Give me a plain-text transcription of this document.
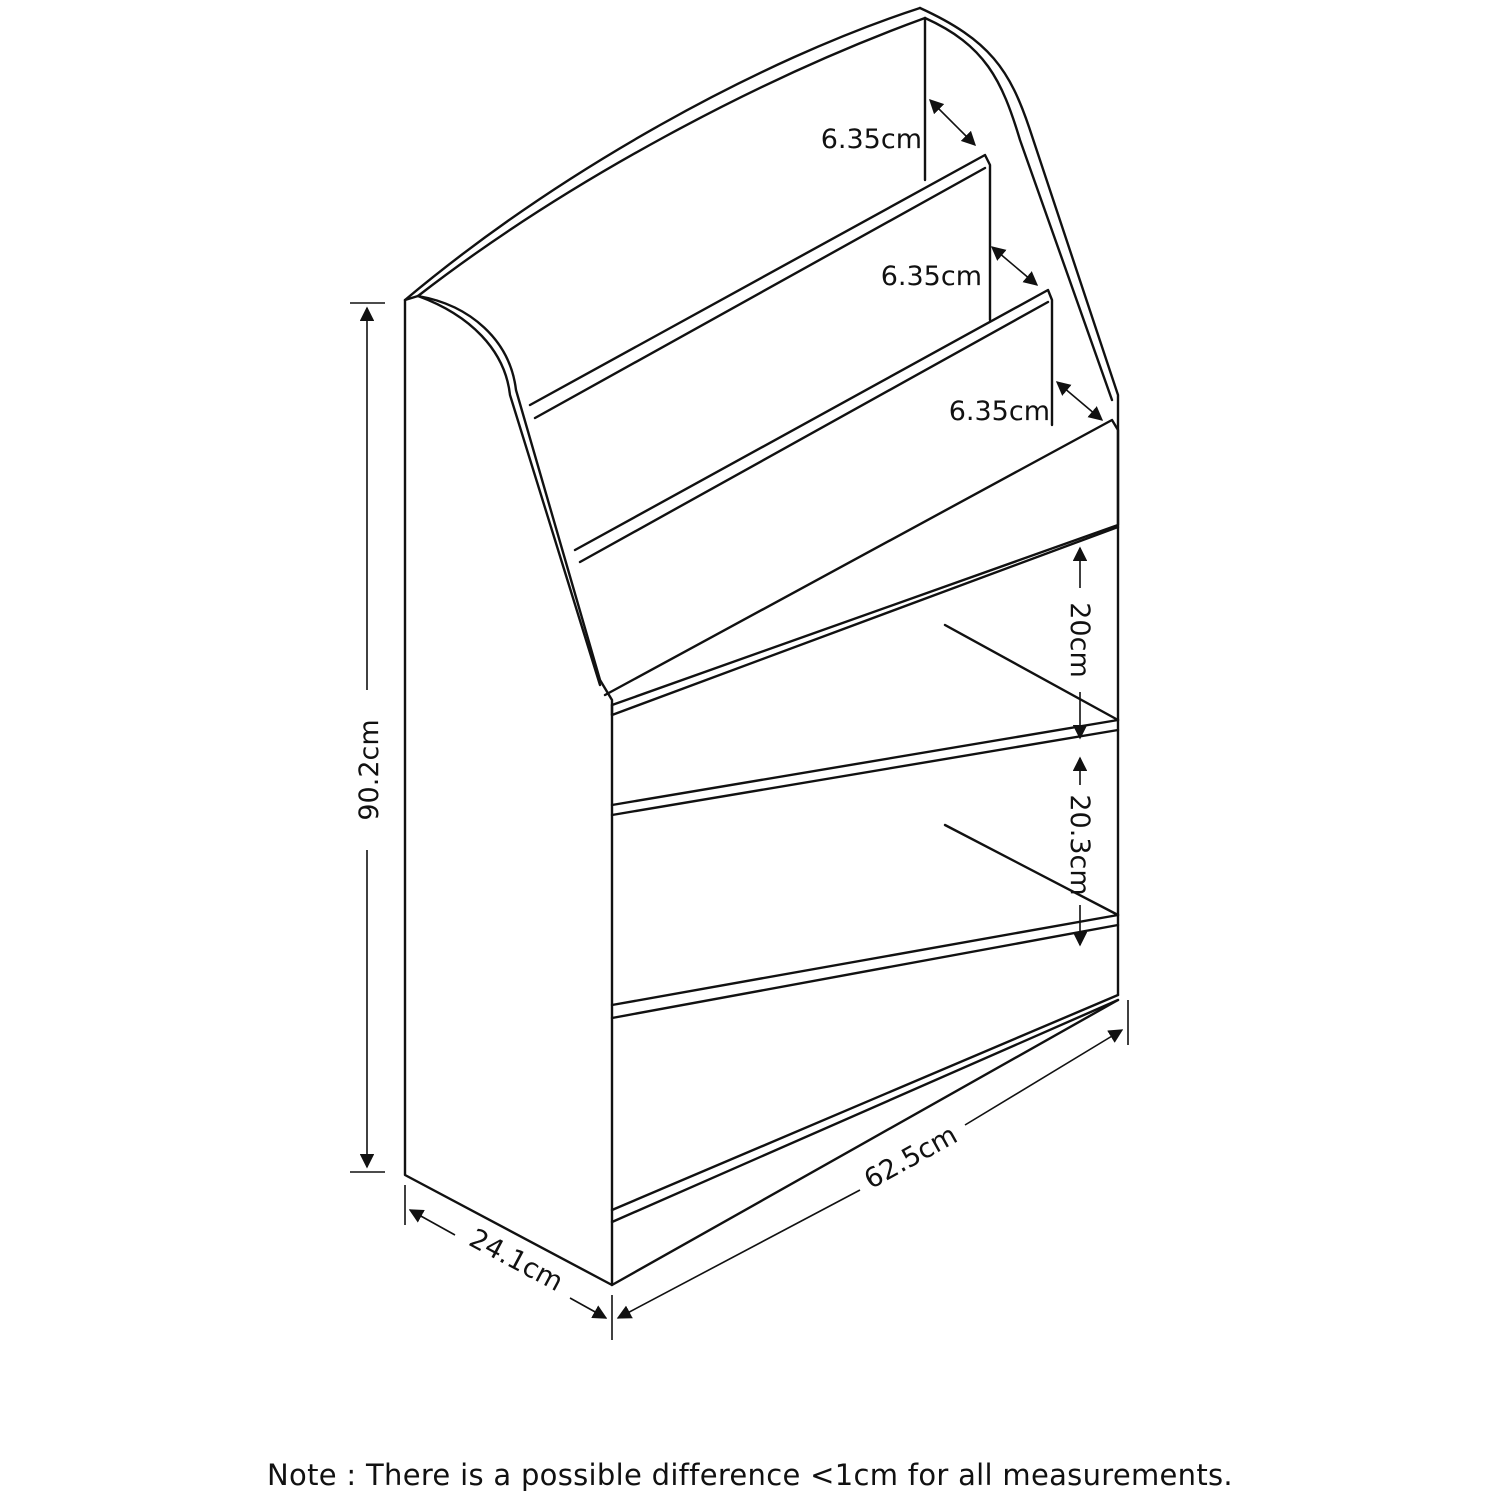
90.2cm
24.1cm
62.5cm
6.35cm
6.35cm
6.35cm
20cm
20.3cm
Note : There is a possible difference <1cm for all measurements.
